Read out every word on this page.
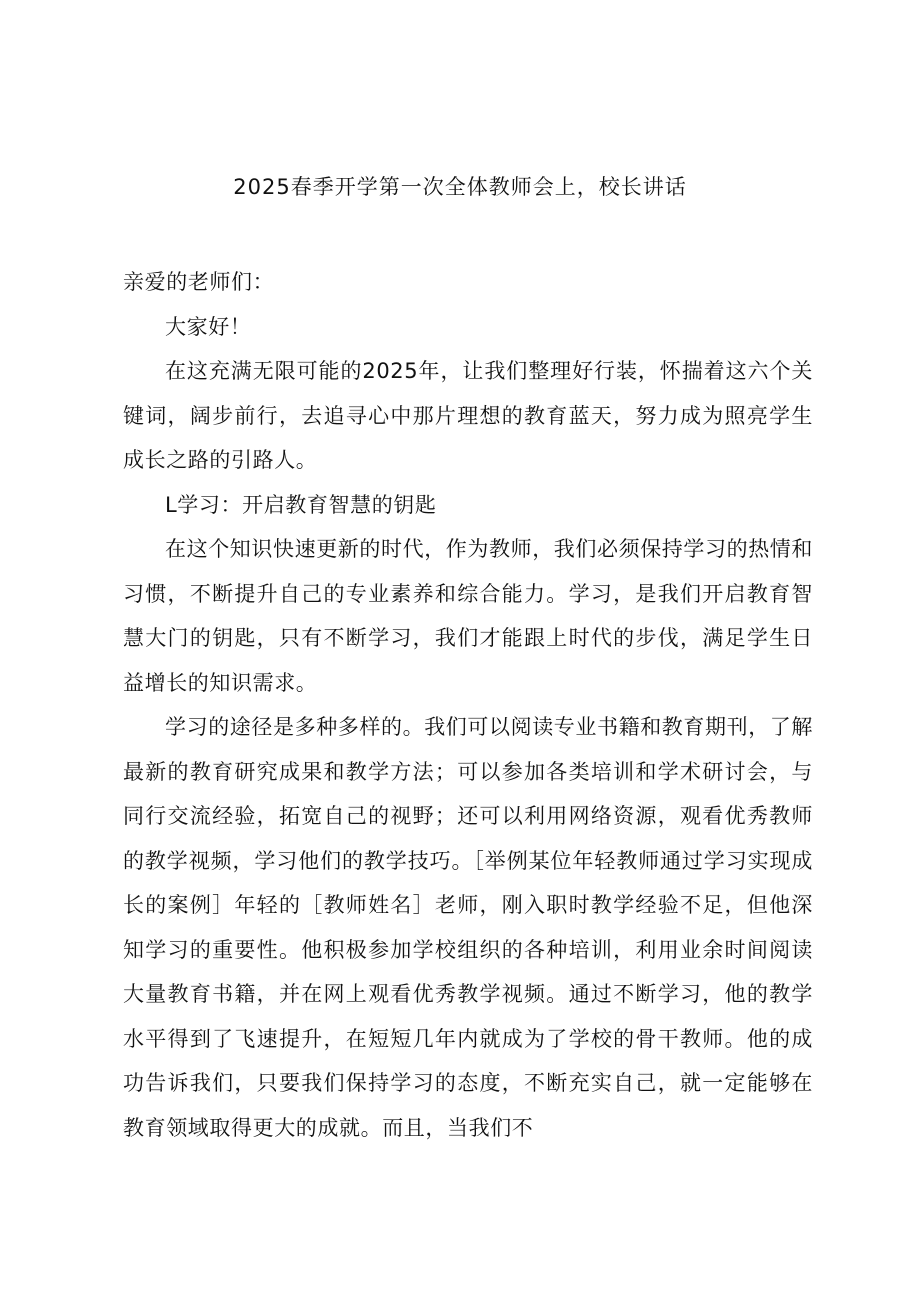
2025春季开学第一次全体教师会上，校长讲话

亲爱的老师们：

大家好！

在这充满无限可能的2025年，让我们整理好行装，怀揣着这六个关键词，阔步前行，去追寻心中那片理想的教育蓝天，努力成为照亮学生成长之路的引路人。

L学习：开启教育智慧的钥匙

在这个知识快速更新的时代，作为教师，我们必须保持学习的热情和习惯，不断提升自己的专业素养和综合能力。学习，是我们开启教育智慧大门的钥匙，只有不断学习，我们才能跟上时代的步伐，满足学生日益增长的知识需求。

学习的途径是多种多样的。我们可以阅读专业书籍和教育期刊，了解最新的教育研究成果和教学方法；可以参加各类培训和学术研讨会，与同行交流经验，拓宽自己的视野；还可以利用网络资源，观看优秀教师的教学视频，学习他们的教学技巧。［举例某位年轻教师通过学习实现成长的案例］年轻的［教师姓名］老师，刚入职时教学经验不足，但他深知学习的重要性。他积极参加学校组织的各种培训，利用业余时间阅读大量教育书籍，并在网上观看优秀教学视频。通过不断学习，他的教学水平得到了飞速提升，在短短几年内就成为了学校的骨干教师。他的成功告诉我们，只要我们保持学习的态度，不断充实自己，就一定能够在教育领域取得更大的成就。而且，当我们不
